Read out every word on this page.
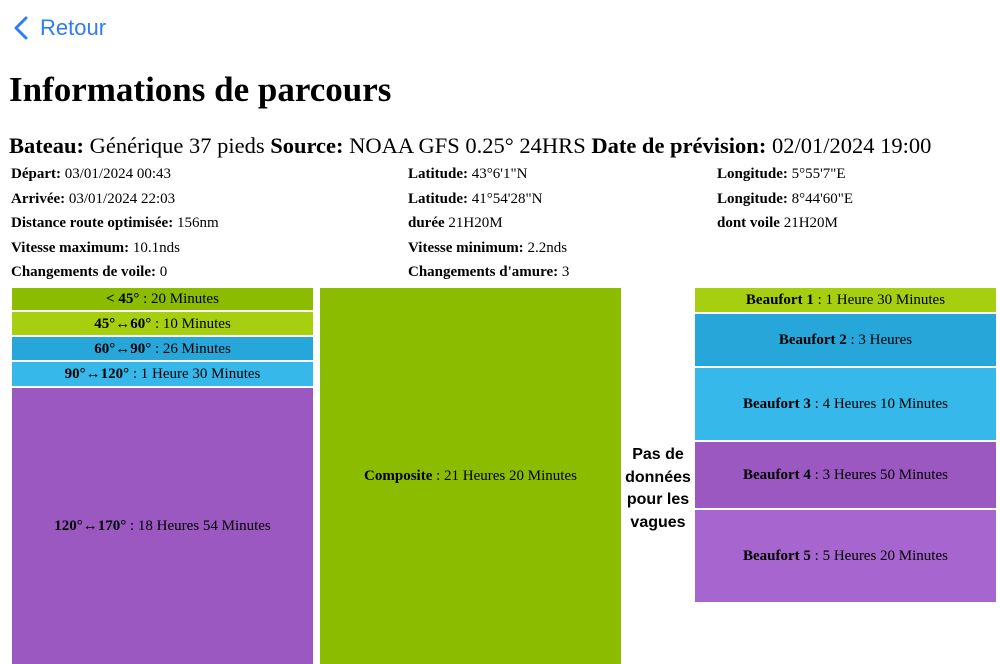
Retour
Informations de parcours
Bateau: Générique 37 pieds Source: NOAA GFS 0.25° 24HRS Date de prévision: 02/01/2024 19:00
Départ: 03/01/2024 00:43
Arrivée: 03/01/2024 22:03
Distance route optimisée: 156nm
Vitesse maximum: 10.1nds
Changements de voile: 0
Latitude: 43°6'1"N
Latitude: 41°54'28"N
durée 21H20M
Vitesse minimum: 2.2nds
Changements d'amure: 3
Longitude: 5°55'7"E
Longitude: 8°44'60"E
dont voile 21H20M
< 45° : 20 Minutes
45°↔60° : 10 Minutes
60°↔90° : 26 Minutes
90°↔120° : 1 Heure 30 Minutes
120°↔170° : 18 Heures 54 Minutes
Composite : 21 Heures 20 Minutes
Pas de données pour les vagues
Beaufort 1 : 1 Heure 30 Minutes
Beaufort 2 : 3 Heures
Beaufort 3 : 4 Heures 10 Minutes
Beaufort 4 : 3 Heures 50 Minutes
Beaufort 5 : 5 Heures 20 Minutes
